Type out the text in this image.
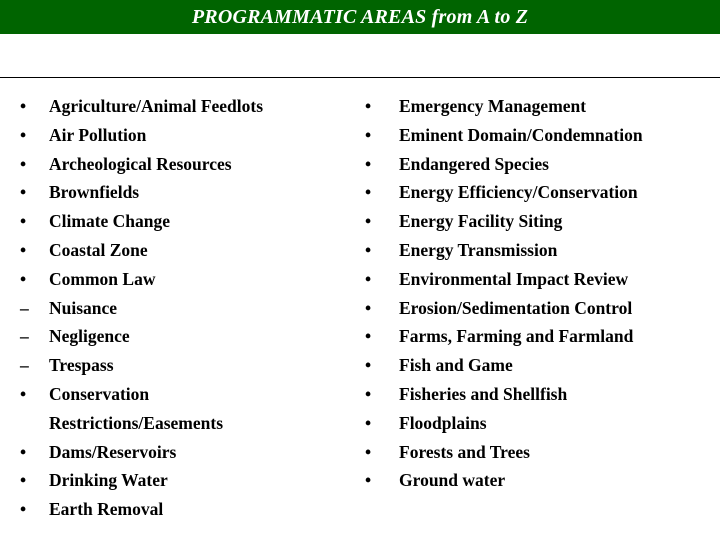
PROGRAMMATIC AREAS from A to Z
•	Agriculture/Animal Feedlots
•	Air Pollution
•	Archeological Resources
•	Brownfields
•	Climate Change
•	Coastal Zone
•	Common Law
–	Nuisance
–	Negligence
–	Trespass
•	Conservation
Restrictions/Easements
•	Dams/Reservoirs
•	Drinking Water
•	Earth Removal
•	Emergency Management
•	Eminent Domain/Condemnation
•	Endangered Species
•	Energy Efficiency/Conservation
•	Energy Facility Siting
•	Energy Transmission
•	Environmental Impact Review
•	Erosion/Sedimentation Control
•	Farms, Farming and Farmland
•	Fish and Game
•	Fisheries and Shellfish
•	Floodplains
•	Forests and Trees
•	Ground water
